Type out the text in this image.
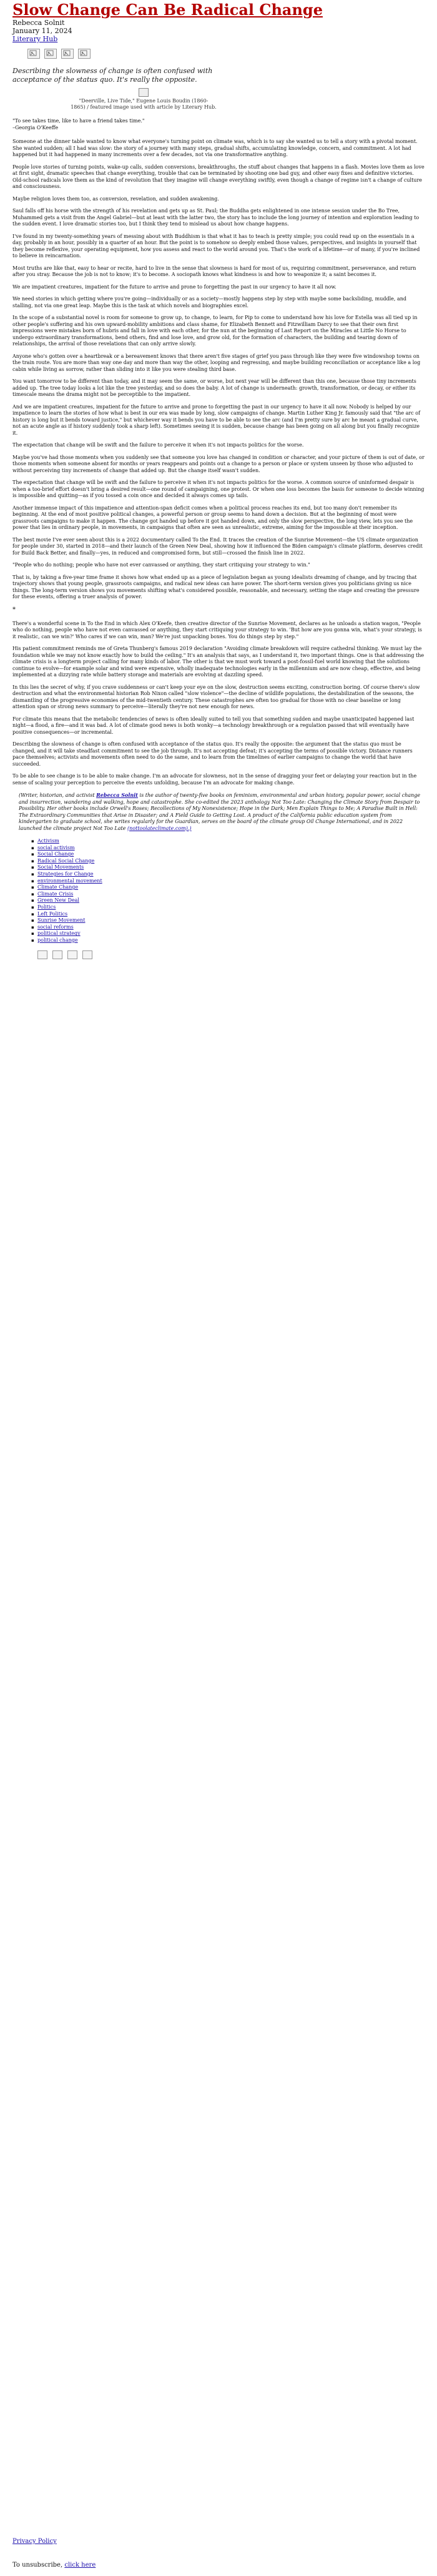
Slow Change Can Be Radical Change
Rebecca Solnit
January 11, 2024
Literary Hub

Describing the slowness of change is often confused with acceptance of the status quo. It's really the opposite.

"Deerville, Live Tide," Eugene Louis Boudin (1860-
1865) / featured image used with article by Literary Hub.
"To see takes time, like to have a friend takes time."
–Georgia O'Keeffe

Someone at the dinner table wanted to know what everyone's turning point on climate was, which is to say she wanted us to tell a story with a pivotal moment. She wanted sudden; all I had was slow: the story of a journey with many steps, gradual shifts, accumulating knowledge, concern, and commitment. A lot had happened but it had happened in many increments over a few decades, not via one transformative anything.

People love stories of turning points, wake-up calls, sudden conversions, breakthroughs, the stuff about changes that happens in a flash. Movies love them as love at first sight, dramatic speeches that change everything, trouble that can be terminated by shooting one bad guy, and other easy fixes and definitive victories. Old-school radicals love them as the kind of revolution that they imagine will change everything swiftly, even though a change of regime isn't a change of culture and consciousness.

Maybe religion loves them too, as conversion, revelation, and sudden awakening.

Saul falls off his horse with the strength of his revelation and gets up as St. Paul; the Buddha gets enlightened in one intense session under the Bo Tree, Muhammed gets a visit from the Angel Gabriel—but at least with the latter two, the story has to include the long journey of intention and exploration leading to the sudden event. I love dramatic stories too, but I think they tend to mislead us about how change happens.

I've found in my twenty-something years of messing about with Buddhism is that what it has to teach is pretty simple; you could read up on the essentials in a day, probably in an hour, possibly in a quarter of an hour. But the point is to somehow so deeply embed those values, perspectives, and insights in yourself that they become reflexive, your operating equipment, how you assess and react to the world around you. That's the work of a lifetime—or of many, if you're inclined to believe in reincarnation.

Most truths are like that, easy to hear or recite, hard to live in the sense that slowness is hard for most of us, requiring commitment, perseverance, and return after you stray. Because the job is not to know; it's to become. A sociopath knows what kindness is and how to weaponize it; a saint becomes it.

We are impatient creatures, impatient for the future to arrive and prone to forgetting the past in our urgency to have it all now.

We need stories in which getting where you're going—individually or as a society—mostly happens step by step with maybe some backsliding, muddle, and stalling, not via one great leap. Maybe this is the task at which novels and biographies excel.

In the scope of a substantial novel is room for someone to grow up, to change, to learn, for Pip to come to understand how his love for Estella was all tied up in other people's suffering and his own upward-mobility ambitions and class shame, for Elizabeth Bennett and Fitzwilliam Darcy to see that their own first impressions were mistakes born of hubris and fall in love with each other, for the nun at the beginning of Last Report on the Miracles at Little No Horse to undergo extraordinary transformations, bend others, find and lose love, and grow old, for the formation of characters, the building and tearing down of relationships, the arrival of those revelations that can only arrive slowly.

Anyone who's gotten over a heartbreak or a bereavement knows that there aren't five stages of grief you pass through like they were five windowshop towns on the train route. You are more than way one day and more than way the other, looping and regressing, and maybe building reconciliation or acceptance like a log cabin while living as sorrow, rather than sliding into it like you were stealing third base.

You want tomorrow to be different than today, and it may seem the same, or worse, but next year will be different than this one, because those tiny increments added up. The tree today looks a lot like the tree yesterday, and so does the baby. A lot of change is underneath: growth, transformation, or decay, or either its timescale means the drama might not be perceptible to the impatient.

And we are impatient creatures, impatient for the future to arrive and prone to forgetting the past in our urgency to have it all now. Nobody is helped by our impatience to learn the stories of how what is best in our era was made by long, slow campaigns of change. Martin Luther King Jr. famously said that "the arc of history is long but it bends toward justice," but whichever way it bends you have to be able to see the arc (and I'm pretty sure by arc he meant a gradual curve, not an acute angle as if history suddenly took a sharp left). Sometimes seeing it is sudden, because change has been going on all along but you finally recognize it.

The expectation that change will be swift and the failure to perceive it when it's not impacts politics for the worse.

Maybe you've had those moments when you suddenly see that someone you love has changed in condition or character, and your picture of them is out of date, or those moments when someone absent for months or years reappears and points out a change to a person or place or system unseen by those who adjusted to without perceiving tiny increments of change that added up. But the change itself wasn't sudden.

The expectation that change will be swift and the failure to perceive it when it's not impacts politics for the worse. A common source of uninformed despair is when a too-brief effort doesn't bring a desired result—one round of campaigning, one protest. Or when one loss becomes the basis for someone to decide winning is impossible and quitting—as if you tossed a coin once and decided it always comes up tails.

Another immense impact of this impatience and attention-span deficit comes when a political process reaches its end, but too many don't remember its beginning. At the end of most positive political changes, a powerful person or group seems to hand down a decision. But at the beginning of most were grassroots campaigns to make it happen. The change got handed up before it got handed down, and only the slow perspective, the long view, lets you see the power that lies in ordinary people, in movements, in campaigns that often are seen as unrealistic, extreme, aiming for the impossible at their inception.

The best movie I've ever seen about this is a 2022 documentary called To the End. It traces the creation of the Sunrise Movement—the US climate organization for people under 30, started in 2018—and their launch of the Green New Deal, showing how it influenced the Biden campaign's climate platform, deserves credit for Build Back Better, and finally—yes, in reduced and compromised form, but still—crossed the finish line in 2022.

"People who do nothing; people who have not ever canvassed or anything, they start critiquing your strategy to win."

That is, by taking a five-year time frame it shows how what ended up as a piece of legislation began as young idealists dreaming of change, and by tracing that trajectory shows that young people, grassroots campaigns, and radical new ideas can have power. The short-term version gives you politicians giving us nice things. The long-term version shows you movements shifting what's considered possible, reasonable, and necessary, setting the stage and creating the pressure for these events, offering a truer analysis of power.

*

There's a wonderful scene in To the End in which Alex O'Keefe, then creative director of the Sunrise Movement, declares as he unloads a station wagon, "People who do nothing, people who have not even canvassed or anything, they start critiquing your strategy to win. 'But how are you gonna win, what's your strategy, is it realistic, can we win?' Who cares if we can win, man? We're just unpacking boxes. You do things step by step."

His patient commitment reminds me of Greta Thunberg's famous 2019 declaration "Avoiding climate breakdown will require cathedral thinking. We must lay the foundation while we may not know exactly how to build the ceiling." It's an analysis that says, as I understand it, two important things. One is that addressing the climate crisis is a longterm project calling for many kinds of labor. The other is that we must work toward a post-fossil-fuel world knowing that the solutions continue to evolve—for example solar and wind were expensive, wholly inadequate technologies early in the millennium and are now cheap, effective, and being implemented at a dizzying rate while battery storage and materials are evolving at dazzling speed.

In this lies the secret of why, if you crave suddenness or can't keep your eye on the slow, destruction seems exciting, construction boring. Of course there's slow destruction and what the environmental historian Rob Nixon called "slow violence"—the decline of wildlife populations, the destabilization of the seasons, the dismantling of the progressive economies of the mid-twentieth century. These catastrophes are often too gradual for those with no clear baseline or long attention span or strong news summary to perceive—literally they're not new enough for news.

For climate this means that the metabolic tendencies of news is often ideally suited to tell you that something sudden and maybe unanticipated happened last night—a flood, a fire—and it was bad. A lot of climate good news is both wonky—a technology breakthrough or a regulation passed that will eventually have positive consequences—or incremental.

Describing the slowness of change is often confused with acceptance of the status quo. It's really the opposite: the argument that the status quo must be changed, and it will take steadfast commitment to see the job through. It's not accepting defeat; it's accepting the terms of possible victory. Distance runners pace themselves; activists and movements often need to do the same, and to learn from the timelines of earlier campaigns to change the world that have succeeded.

To be able to see change is to be able to make change. I'm an advocate for slowness, not in the sense of dragging your feet or delaying your reaction but in the sense of scaling your perception to perceive the events unfolding, because I'm an advocate for making change.

(Writer, historian, and activist Rebecca Solnit is the author of twenty-five books on feminism, environmental and urban history, popular power, social change and insurrection, wandering and walking, hope and catastrophe. She co-edited the 2023 anthology Not Too Late: Changing the Climate Story from Despair to Possibility. Her other books include Orwell's Roses; Recollections of My Nonexistence; Hope in the Dark; Men Explain Things to Me; A Paradise Built in Hell: The Extraordinary Communities that Arise in Disaster; and A Field Guide to Getting Lost. A product of the California public education system from kindergarten to graduate school, she writes regularly for the Guardian, serves on the board of the climate group Oil Change International, and in 2022 launched the climate project Not Too Late (nottoolateclimate.com).)
▪ Activism
▪ social activism
▪ Social Change
▪ Radical Social Change
▪ Social Movements
▪ Strategies for Change
▪ environmental movement
▪ Climate Change
▪ Climate Crisis
▪ Green New Deal
▪ Politics
▪ Left Politics
▪ Sunrise Movement
▪ social reforms
▪ political strategy
▪ political change
Privacy Policy
To unsubscribe, click here
